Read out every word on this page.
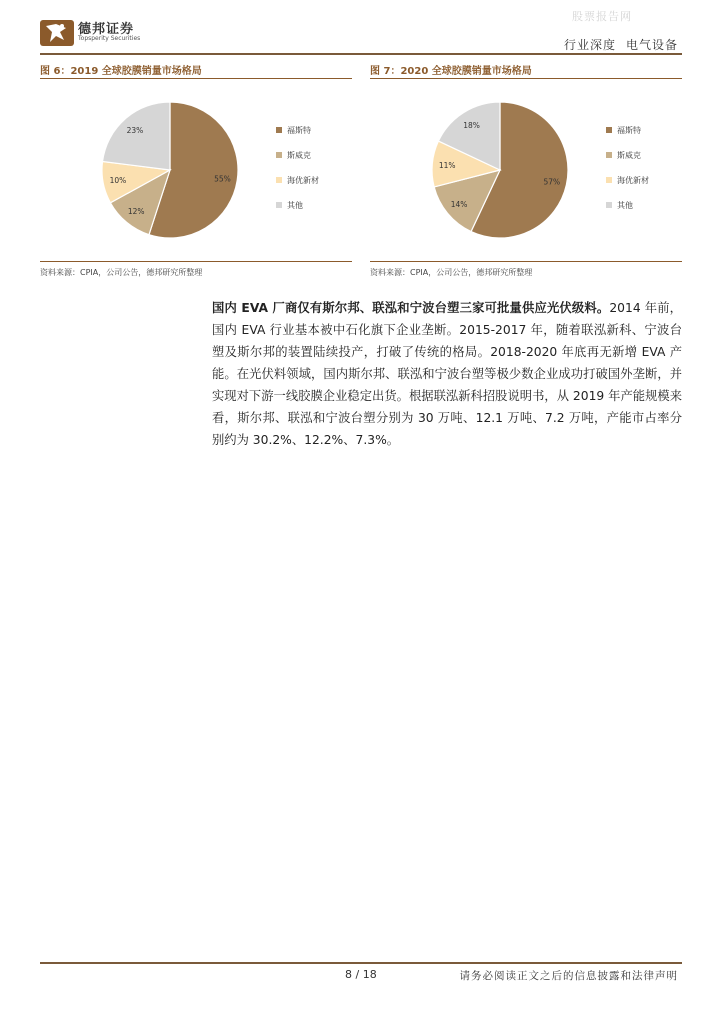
股票报告网
德邦证券
Topsperity Securities	行业深度 电气设备
图 6：2019 全球胶膜销量市场格局
55%
12%
10%
23%	福斯特
斯威克
海优新材
其他
资料来源：CPIA，公司公告，德邦研究所整理
图 7：2020 全球胶膜销量市场格局
57%
14%
11%
18%
福斯特
斯威克
海优新材
其他
资料来源：CPIA，公司公告，德邦研究所整理
国内 EVA 厂商仅有斯尔邦、联泓和宁波台塑三家可批量供应光伏级料。2014 年前，国内 EVA 行业基本被中石化旗下企业垄断。2015-2017 年，随着联泓新科、宁波台塑及斯尔邦的装置陆续投产，打破了传统的格局。2018-2020 年底再无新增 EVA 产能。在光伏料领域，国内斯尔邦、联泓和宁波台塑等极少数企业成功打破国外垄断，并实现对下游一线胶膜企业稳定出货。根据联泓新科招股说明书，从 2019 年产能规模来看，斯尔邦、联泓和宁波台塑分别为 30 万吨、12.1 万吨、7.2 万吨，产能市占率分别约为 30.2%、12.2%、7.3%。
8 / 18	请务必阅读正文之后的信息披露和法律声明
